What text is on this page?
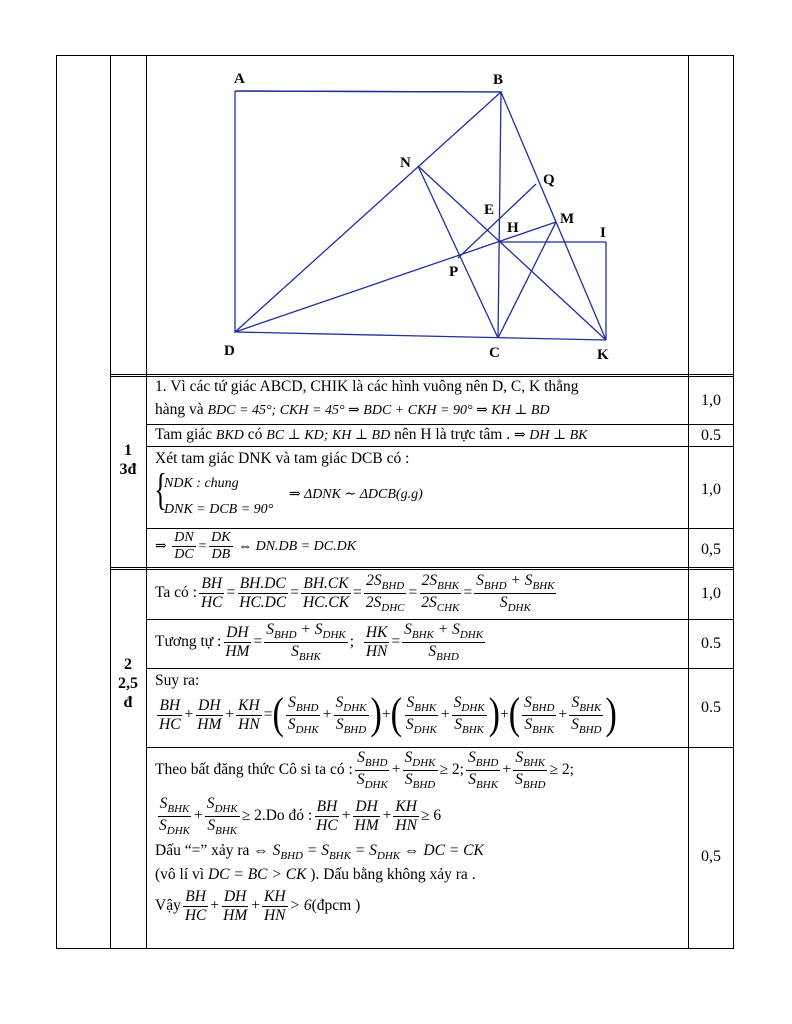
A	B
N
Q
E
H
M
I
P
D	C	K
1
3đ
1. Vì các tứ giác ABCD, CHIK là các hình vuông nên D, C, K thẳng
hàng và BDC = 45°; CKH = 45° ⇒ BDC + CKH = 90° ⇒ KH ⊥ BD
1,0
Tam giác BKD có BC ⊥ KD; KH ⊥ BD nên H là trực tâm . ⇒ DH ⊥ BK	0.5
Xét tam giác DNK và tam giác DCB có :
{
NDK : chung
DNK = DCB = 90°
⇒ ΔDNK ∼ ΔDCB(g.g)	1,0
⇒ $\frac{DN}{DC} = \frac{DK}{DB}$ ⇔ DN.DB = DC.DK	0,5
2
2,5
đ
Ta có : $\frac{BH}{HC} = \frac{BH.DC}{HC.DC} = \frac{BH.CK}{HC.CK} = \frac{2S_{BHD}}{2S_{DHC}} = \frac{2S_{BHK}}{2S_{CHK}} = \frac{S_{BHD} + S_{BHK}}{S_{DHK}}$	1,0
Tương tự : $\frac{DH}{HM} = \frac{S_{BHD} + S_{DHK}}{S_{BHK}}$ ; $\frac{HK}{HN} = \frac{S_{BHK} + S_{DHK}}{S_{BHD}}$	0.5
Suy ra:
$\frac{BH}{HC} + \frac{DH}{HM} + \frac{KH}{HN}$ = ( $\frac{S_{BHD}}{S_{DHK}} + \frac{S_{DHK}}{S_{BHD}}$ ) + ( $\frac{S_{BHK}}{S_{DHK}} + \frac{S_{DHK}}{S_{BHK}}$ ) + ( $\frac{S_{BHD}}{S_{BHK}} + \frac{S_{BHK}}{S_{BHD}}$ )	0.5
Theo bất đăng thức Cô si ta có : $\frac{S_{BHD}}{S_{DHK}} + \frac{S_{DHK}}{S_{BHD}} \ge 2$; $\frac{S_{BHD}}{S_{BHK}} + \frac{S_{BHK}}{S_{BHD}} \ge 2$;
$\frac{S_{BHK}}{S_{DHK}} + \frac{S_{DHK}}{S_{BHK}} \ge 2$ .Do đó : $\frac{BH}{HC} + \frac{DH}{HM} + \frac{KH}{HN} \ge 6$
Dấu “=” xảy ra ⇔ $S_{BHD} = S_{BHK} = S_{DHK}$ ⇔ DC = CK
(vô lí vì DC = BC > CK ). Dấu bằng không xảy ra .
Vậy $\frac{BH}{HC} + \frac{DH}{HM} + \frac{KH}{HN} > 6$ (đpcm )
0,5
